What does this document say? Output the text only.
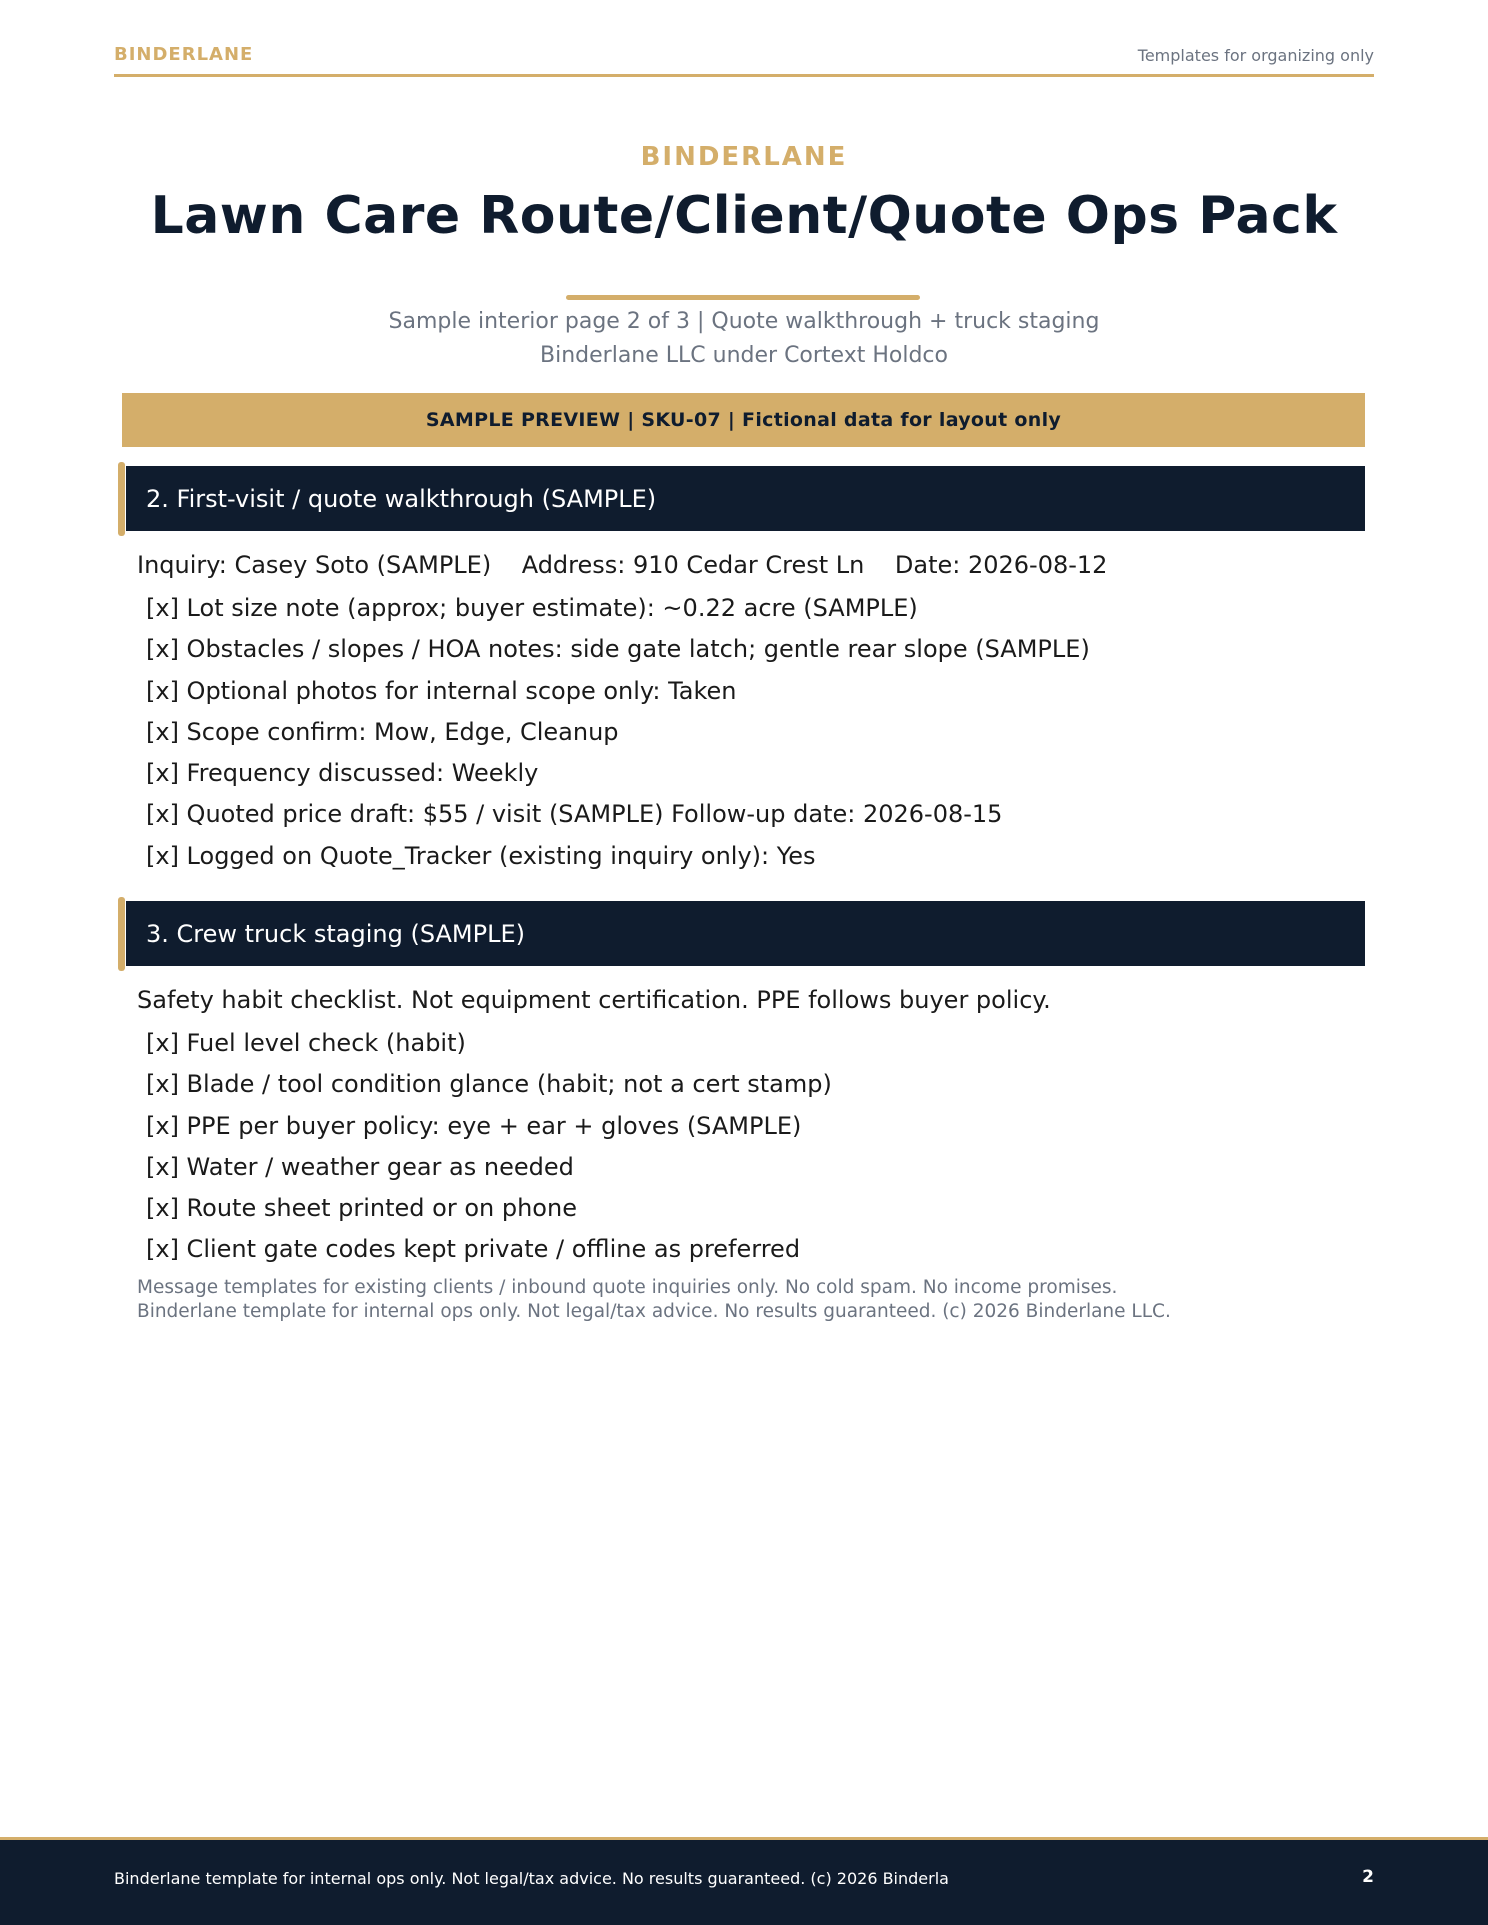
BINDERLANE	Templates for organizing only
BINDERLANE
Lawn Care Route/Client/Quote Ops Pack
Sample interior page 2 of 3 | Quote walkthrough + truck staging
Binderlane LLC under Cortext Holdco
SAMPLE PREVIEW | SKU-07 | Fictional data for layout only
2. First-visit / quote walkthrough (SAMPLE)
Inquiry: Casey Soto (SAMPLE)    Address: 910 Cedar Crest Ln    Date: 2026-08-12
[x] Lot size note (approx; buyer estimate): ~0.22 acre (SAMPLE)
[x] Obstacles / slopes / HOA notes: side gate latch; gentle rear slope (SAMPLE)
[x] Optional photos for internal scope only: Taken
[x] Scope confirm: Mow, Edge, Cleanup
[x] Frequency discussed: Weekly
[x] Quoted price draft: $55 / visit (SAMPLE) Follow-up date: 2026-08-15
[x] Logged on Quote_Tracker (existing inquiry only): Yes
3. Crew truck staging (SAMPLE)
Safety habit checklist. Not equipment certification. PPE follows buyer policy.
[x] Fuel level check (habit)
[x] Blade / tool condition glance (habit; not a cert stamp)
[x] PPE per buyer policy: eye + ear + gloves (SAMPLE)
[x] Water / weather gear as needed
[x] Route sheet printed or on phone
[x] Client gate codes kept private / offline as preferred
Message templates for existing clients / inbound quote inquiries only. No cold spam. No income promises.
Binderlane template for internal ops only. Not legal/tax advice. No results guaranteed. (c) 2026 Binderlane LLC.
Binderlane template for internal ops only. Not legal/tax advice. No results guaranteed. (c) 2026 Binderla	2
